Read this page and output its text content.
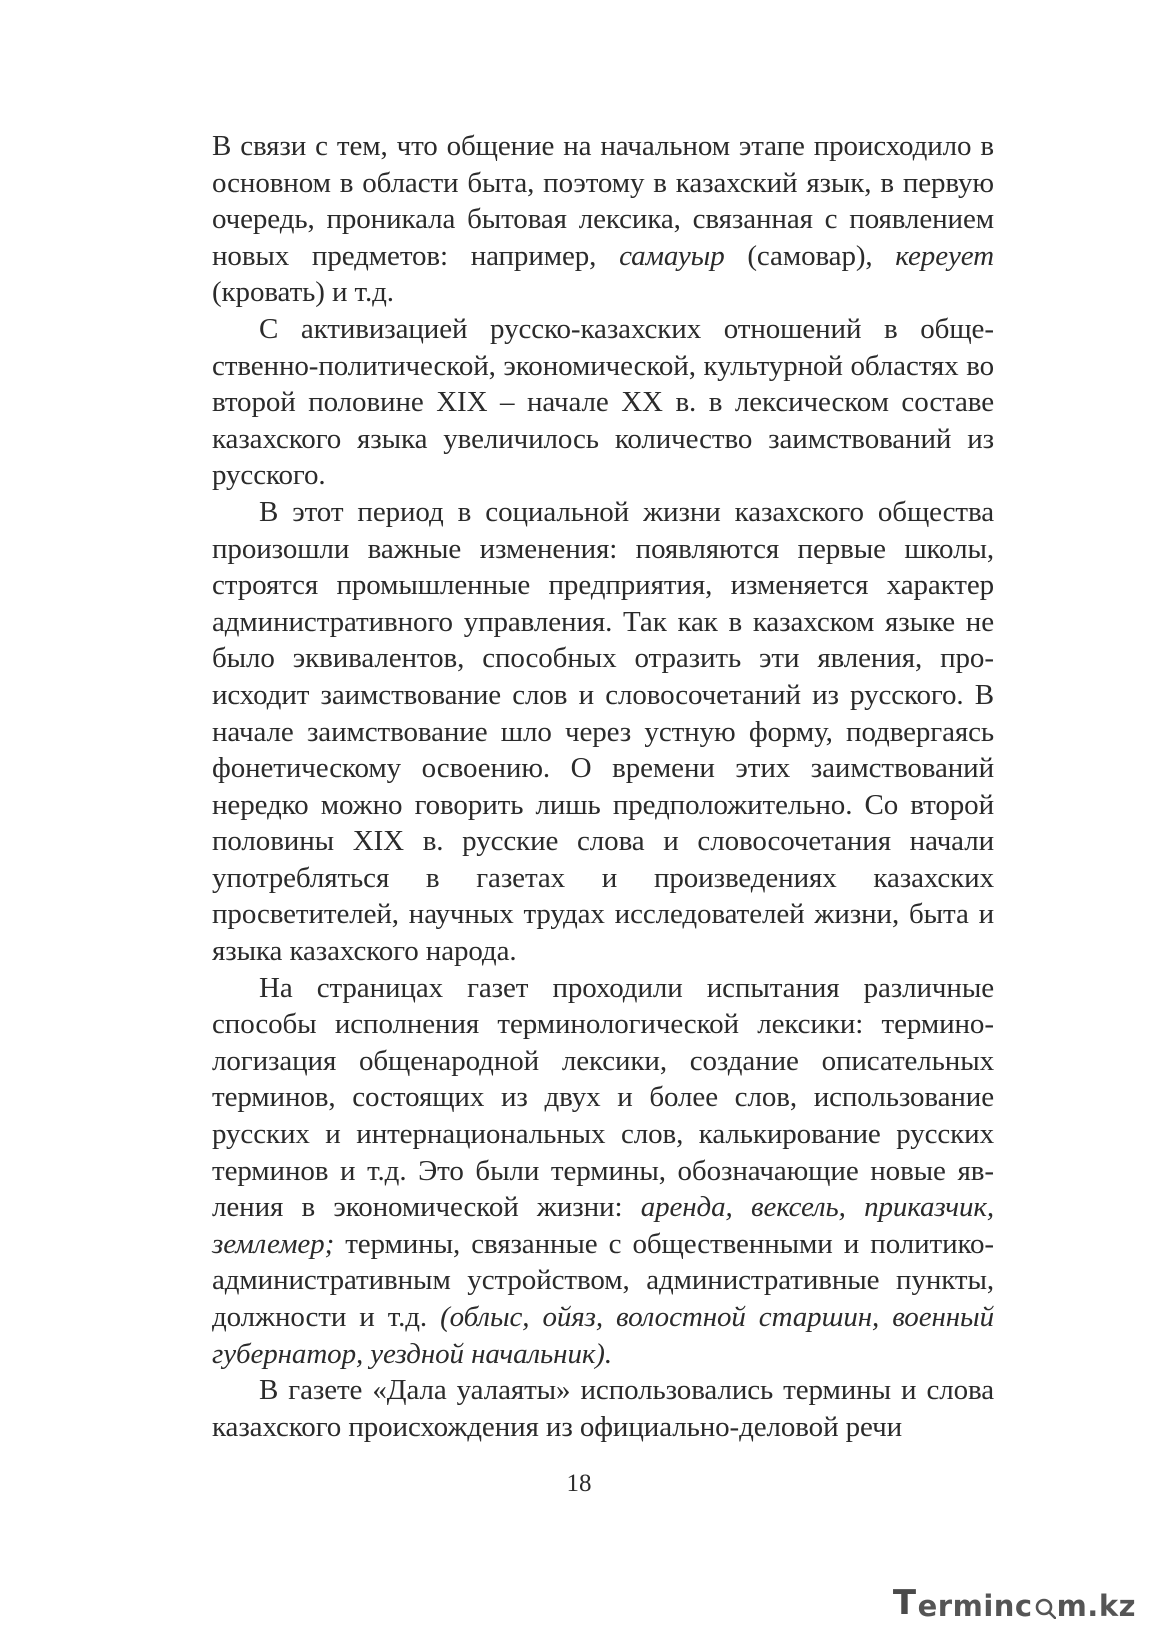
В связи с тем, что общение на начальном этапе происходило в основном в области быта, поэтому в казахский язык, в первую очередь, проникала бытовая лексика, связанная с появлением новых предметов: например, самауыр (самовар), кереует (кровать) и т.д.

С активизацией русско-казахских отношений в общественно-политической, экономической, культурной областях во второй половине XIX – начале XX в. в лексическом составе казахского языка увеличилось количество заимствований из русского.

В этот период в социальной жизни казахского общества произошли важные изменения: появляются первые школы, строятся промышленные предприятия, изменяется характер административного управления. Так как в казахском языке не было эквивалентов, способных отразить эти явления, происходит заимствование слов и словосочетаний из русского. В начале заимствование шло через устную форму, подвергаясь фонетическому освоению. О времени этих заимствований нередко можно говорить лишь предположительно. Со второй половины XIX в. русские слова и словосочетания начали употребляться в газетах и произведениях казахских просветителей, научных трудах исследователей жизни, быта и языка казахского народа.

На страницах газет проходили испытания различные способы исполнения терминологической лексики: терминологизация общенародной лексики, создание описательных терминов, состоящих из двух и более слов, использование русских и интернациональных слов, калькирование русских терминов и т.д. Это были термины, обозначающие новые явления в экономической жизни: аренда, вексель, приказчик, землемер; термины, связанные с общественными и политико-административным устройством, административные пункты, должности и т.д. (облыс, ойяз, волостной старшин, военный губернатор, уездной начальник).

В газете «Дала уалаяты» использовались термины и слова казахского происхождения из официально-деловой речи

18
T erminc m.kz
